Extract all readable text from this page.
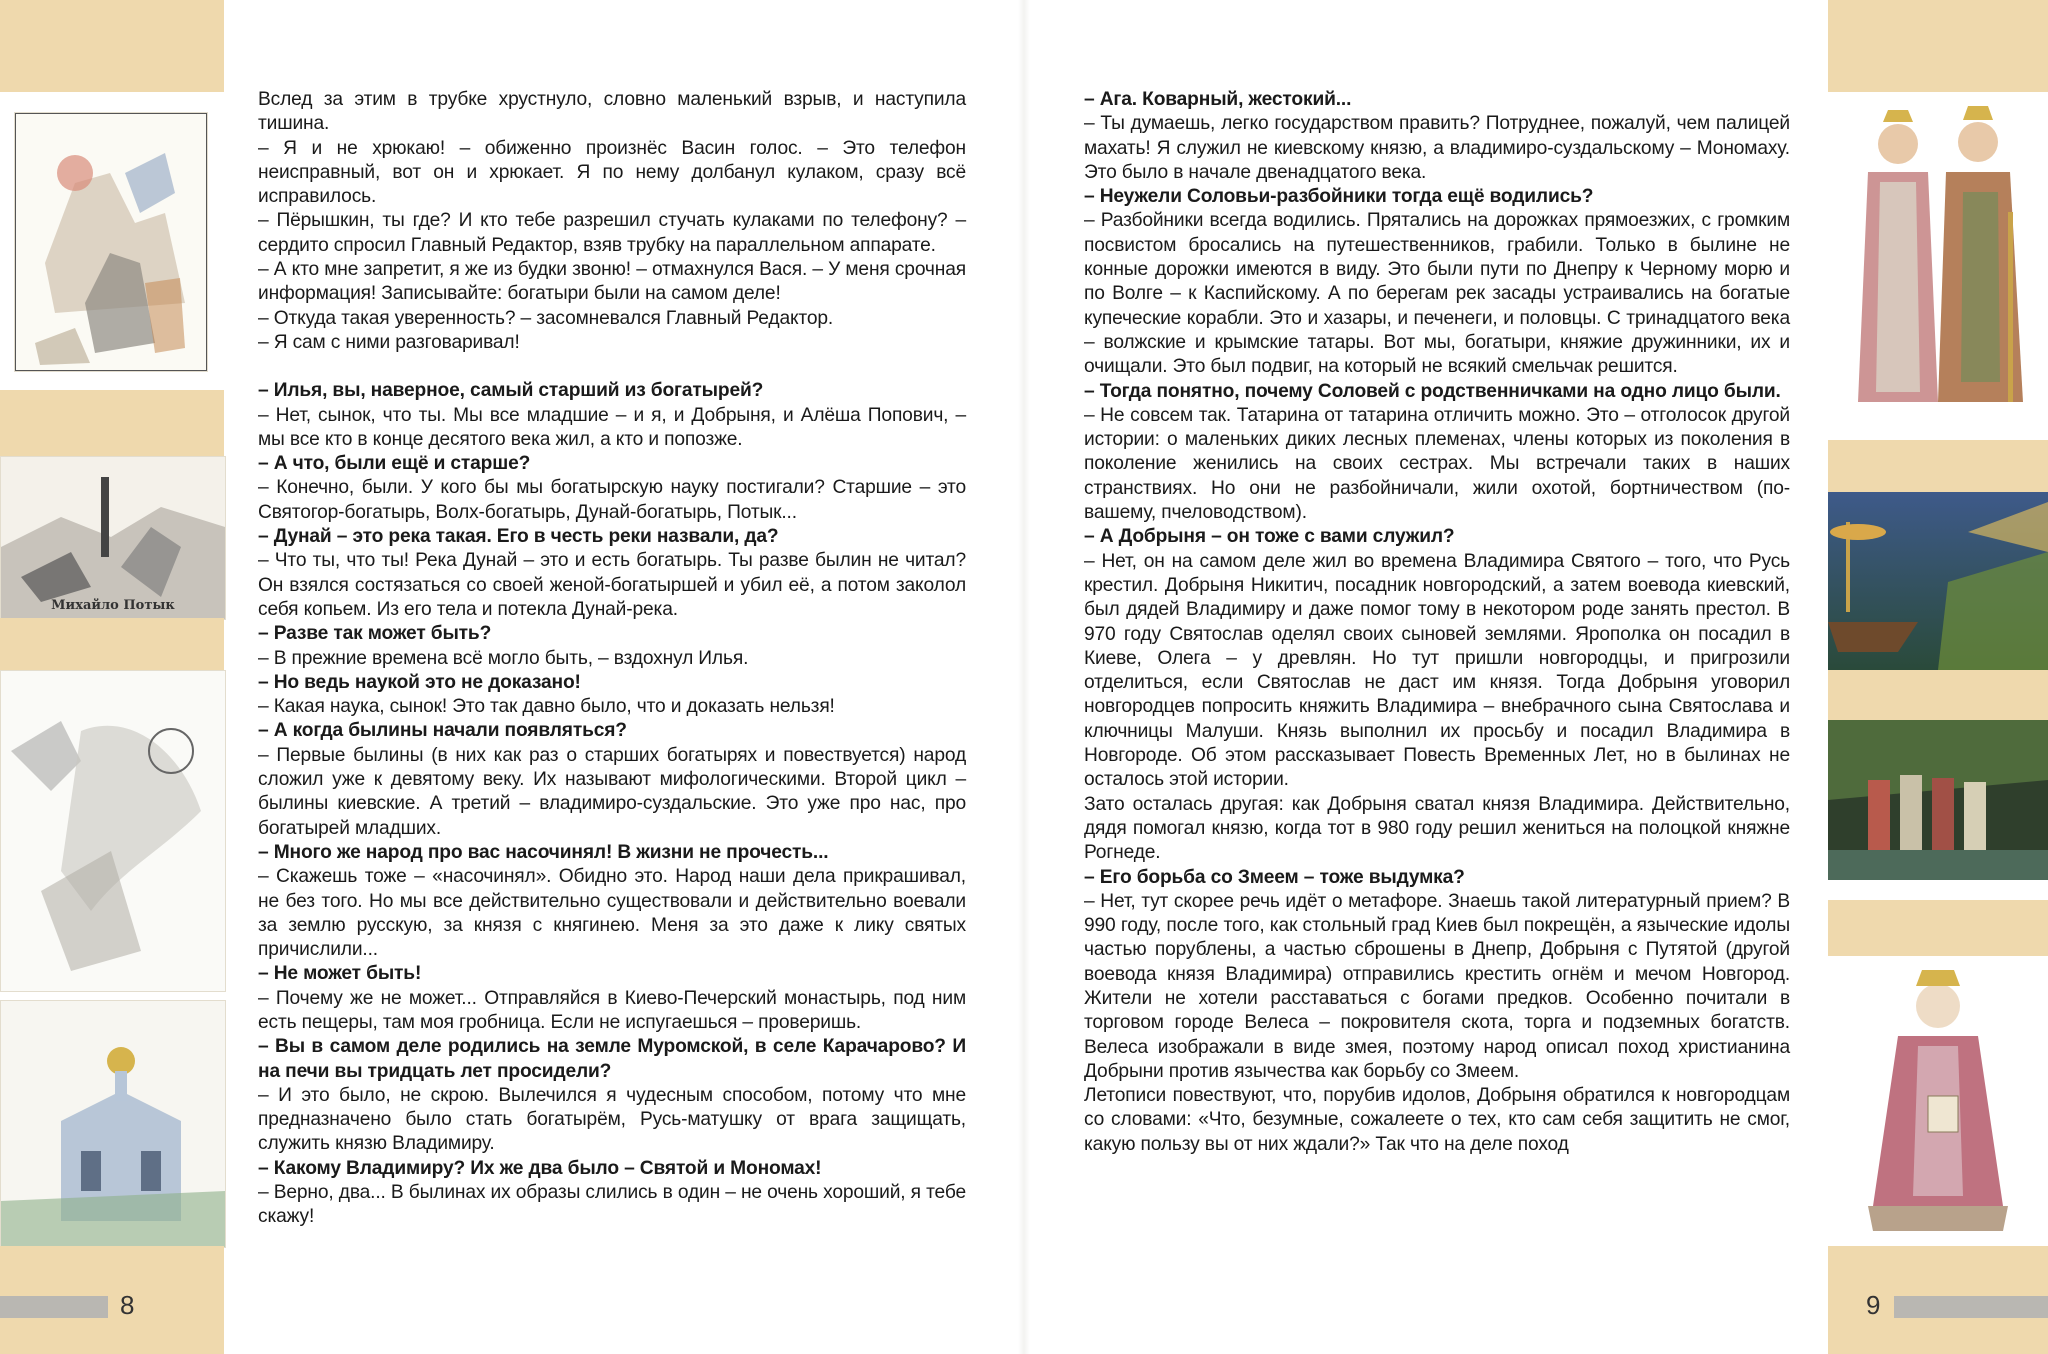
Михайло Потык
8

Вслед за этим в трубке хрустнуло, словно маленький взрыв, и наступила тишина.

– Я и не хрюкаю! – обиженно произнёс Васин голос. – Это телефон неисправный, вот он и хрюкает. Я по нему долбанул кулаком, сразу всё исправилось.

– Пёрышкин, ты где? И кто тебе разрешил стучать кулаками по телефону? – сердито спросил Главный Редактор, взяв трубку на параллельном аппарате.

– А кто мне запретит, я же из будки звоню! – отмахнулся Вася. – У меня срочная информация! Записывайте: богатыри были на самом деле!

– Откуда такая уверенность? – засомневался Главный Редактор.

– Я сам с ними разговаривал!

– Илья, вы, наверное, самый старший из богатырей?

– Нет, сынок, что ты. Мы все младшие – и я, и Добрыня, и Алёша Попович, – мы все кто в конце десятого века жил, а кто и попозже.

– А что, были ещё и старше?

– Конечно, были. У кого бы мы богатырскую науку постигали? Старшие – это Святогор-богатырь, Волх-богатырь, Дунай-богатырь, Потык...

– Дунай – это река такая. Его в честь реки назвали, да?

– Что ты, что ты! Река Дунай – это и есть богатырь. Ты разве былин не читал? Он взялся состязаться со своей женой-богатыршей и убил её, а потом заколол себя копьем. Из его тела и потекла Дунай-река.

– Разве так может быть?

– В прежние времена всё могло быть, – вздохнул Илья.

– Но ведь наукой это не доказано!

– Какая наука, сынок! Это так давно было, что и доказать нельзя!

– А когда былины начали появляться?

– Первые былины (в них как раз о старших богатырях и повествуется) народ сложил уже к девятому веку. Их называют мифологическими. Второй цикл – былины киевские. А третий – владимиро-суздальские. Это уже про нас, про богатырей младших.

– Много же народ про вас насочинял! В жизни не прочесть...

– Скажешь тоже – «насочинял». Обидно это. Народ наши дела прикрашивал, не без того. Но мы все действительно существовали и действительно воевали за землю русскую, за князя с княгинею. Меня за это даже к лику святых причислили...

– Не может быть!

– Почему же не может... Отправляйся в Киево-Печерский монастырь, под ним есть пещеры, там моя гробница. Если не испугаешься – проверишь.

– Вы в самом деле родились на земле Муромской, в селе Карачарово? И на печи вы тридцать лет просидели?

– И это было, не скрою. Вылечился я чудесным способом, потому что мне предназначено было стать богатырём, Русь-матушку от врага защищать, служить князю Владимиру.

– Какому Владимиру? Их же два было – Святой и Мономах!

– Верно, два... В былинах их образы слились в один – не очень хороший, я тебе скажу!

– Ага. Коварный, жестокий...

– Ты думаешь, легко государством править? Потруднее, пожалуй, чем палицей махать! Я служил не киевскому князю, а владимиро-суздальскому – Мономаху. Это было в начале двенадцатого века.

– Неужели Соловьи-разбойники тогда ещё водились?

– Разбойники всегда водились. Прятались на дорожках прямоезжих, с громким посвистом бросались на путешественников, грабили. Только в былине не конные дорожки имеются в виду. Это были пути по Днепру к Черному морю и по Волге – к Каспийскому. А по берегам рек засады устраивались на богатые купеческие корабли. Это и хазары, и печенеги, и половцы. С тринадцатого века – волжские и крымские татары. Вот мы, богатыри, княжие дружинники, их и очищали. Это был подвиг, на который не всякий смельчак решится.

– Тогда понятно, почему Соловей с родственничками на одно лицо были.

– Не совсем так. Татарина от татарина отличить можно. Это – отголосок другой истории: о маленьких диких лесных племенах, члены которых из поколения в поколение женились на своих сестрах. Мы встречали таких в наших странствиях. Но они не разбойничали, жили охотой, бортничеством (по-вашему, пчеловодством).

– А Добрыня – он тоже с вами служил?

– Нет, он на самом деле жил во времена Владимира Святого – того, что Русь крестил. Добрыня Никитич, посадник новгородский, а затем воевода киевский, был дядей Владимиру и даже помог тому в некотором роде занять престол. В 970 году Святослав оделял своих сыновей землями. Ярополка он посадил в Киеве, Олега – у древлян. Но тут пришли новгородцы, и пригрозили отделиться, если Святослав не даст им князя. Тогда Добрыня уговорил новгородцев попросить княжить Владимира – внебрачного сына Святослава и ключницы Малуши. Князь выполнил их просьбу и посадил Владимира в Новгороде. Об этом рассказывает Повесть Временных Лет, но в былинах не осталось этой истории.

Зато осталась другая: как Добрыня сватал князя Владимира. Действительно, дядя помогал князю, когда тот в 980 году решил жениться на полоцкой княжне Рогнеде.

– Его борьба со Змеем – тоже выдумка?

– Нет, тут скорее речь идёт о метафоре. Знаешь такой литературный прием? В 990 году, после того, как стольный град Киев был покрещён, а языческие идолы частью порублены, а частью сброшены в Днепр, Добрыня с Путятой (другой воевода князя Владимира) отправились крестить огнём и мечом Новгород. Жители не хотели расставаться с богами предков. Особенно почитали в торговом городе Велеса – покровителя скота, торга и подземных богатств. Велеса изображали в виде змея, поэтому народ описал поход христианина Добрыни против язычества как борьбу со Змеем.

Летописи повествуют, что, порубив идолов, Добрыня обратился к новгородцам со словами: «Что, безумные, сожалеете о тех, кто сам себя защитить не смог, какую пользу вы от них ждали?» Так что на деле поход

9
